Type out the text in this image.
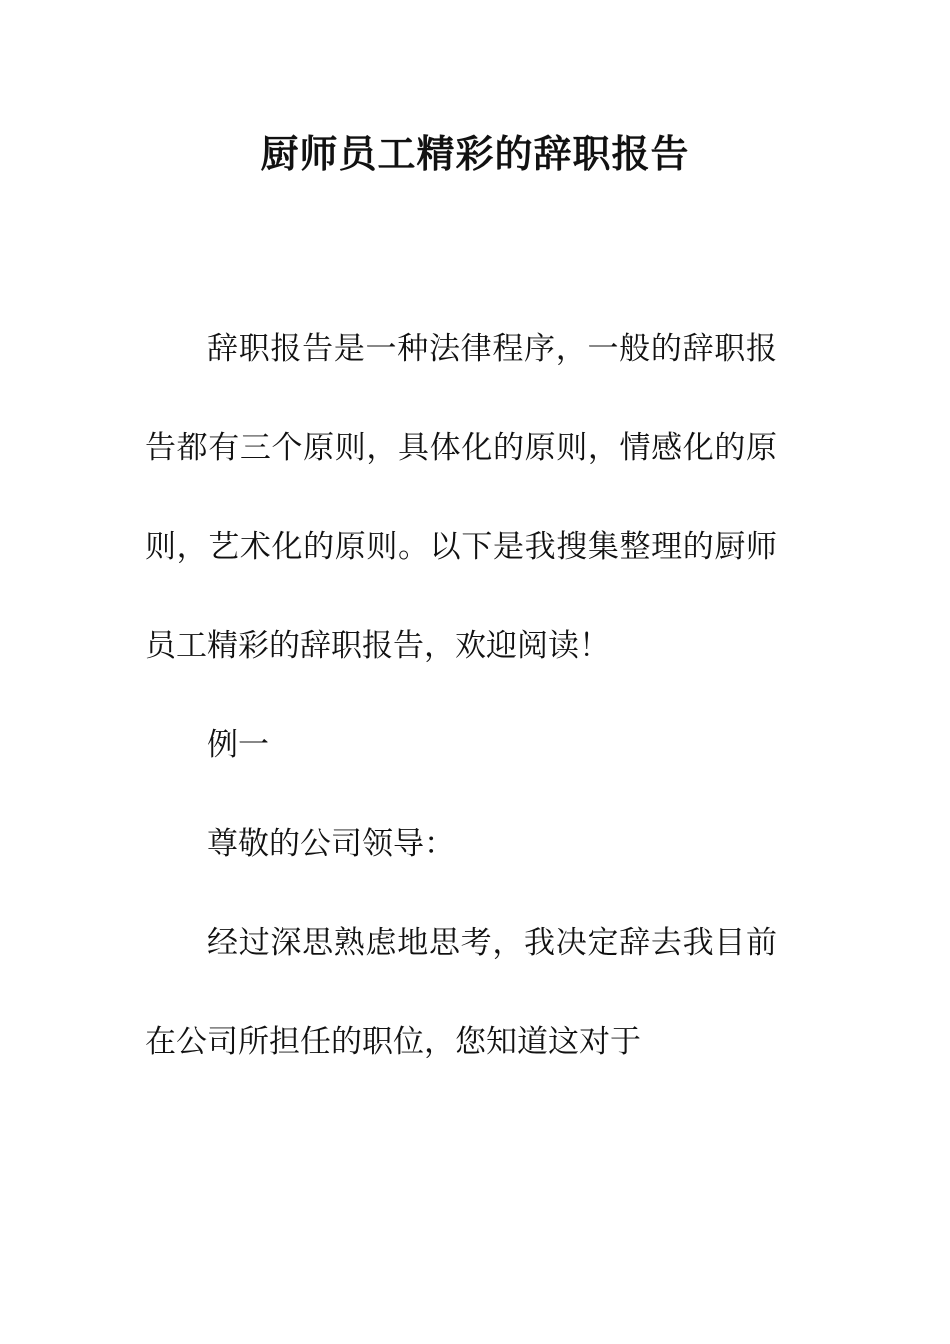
厨师员工精彩的辞职报告

辞职报告是一种法律程序，一般的辞职报告都有三个原则，具体化的原则，情感化的原则，艺术化的原则。以下是我搜集整理的厨师员工精彩的辞职报告，欢迎阅读！

例一

尊敬的公司领导：

经过深思熟虑地思考，我决定辞去我目前在公司所担任的职位，您知道这对于
